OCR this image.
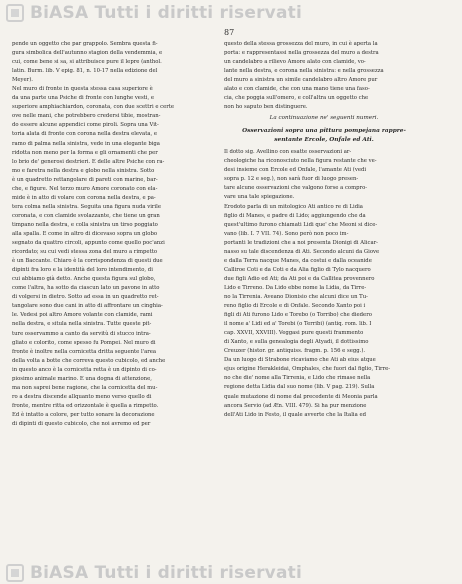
BiASA Tutti i diritti riservati
87
pende un oggetto che par grappolo. Sembra questa fi-
gura simbolica dell'autunno stagion della vendemmia, e
cui, come bene si sa, si attribuisce pure il lepre (anthol.
latin. Burm. lib. V epig. 81, n. 10-17 nella edizione del
Meyer).
Nel muro di fronte in questa stessa casa superiore è
da una parte una Psiche di fronte con lunghe vesti, e
superiore amphiachiardon, coronata, con due scettri e certe
ove nelle mani, che potrebbero credersi tibie, mostran-
do essere alcune appendici come piroli. Sopra una Vit-
toria alata di fronte con corona nella destra elevata, e
ramo di palma nella sinistra, vede in una elegante biga
ridotta non meno per la forma e gli ornamenti che per
lo brio de' generosi destrieri. E delle altre Psiche con ra-
mo e faretra nella destra e globo nella sinistra. Sotto
è un quadretto rettangolare di pareti con marine, bar-
che, e figure. Nel terzo muro Amore coronato con ela-
mide è in atto di volare con corona nella destra, e pa-
tera colma nella sinistra. Seguita una figura nuda virile
coronata, e con clamide svolazzante, che tiene un gran
timpano nella destra, e colla sinistra un tirso poggiato
alla spalla. E come in altro di dicevaso sopra un globo
segnato da quattro circoli, appunto come quello poc'anzi
ricordato; su cui vedi stessa zona del muro a rimpetto
è un Baccante. Chiaro è la corrispondenza di questi due
dipinti fra loro e la identità del loro intendimento, di
cui abbiamo già detto. Anche questa figura sul globo,
come l'altra, ha sotto da ciascun lato un pavone in atto
di volgersi in dietro. Sotto ad essa in un quadretto ret-
tangolare sono due cani in atto di affrontare un cinghia-
le. Vedesi poi altro Amore volante con clamide, rami
nella destra, e situla nella sinistra. Tutte queste pit-
ture osservammo a canto da servitù di stucco intra-
gliato e colorito, come spesso fu Pompei. Nel muro di
fronte è inoltre nella cornicetta dritta seguente l'area
della volta a botte che correva questo cubicolo, ed anche
in questo anco è la cornicetta retta è un dipinto di co-
piosimo animale marino. E una dogna di attenzione,
ma non saprei bene ragione, che la cornicetta del mu-
ro a destra discende allquanto meno verso quello di
fronte, mentre ritta ed orizzontale è quella a rimpetto.
Ed è intatto a colore, per tutto sonare la decorazione
di dipinti di questo cubicolo, che noi avremo ed per
questo della stessa grossezza del muro, in cui è aperta la
porta: e rappresentassi nella grossezza del muro a destra
un candelabro a rilievo Amore alato con clamide, vo-
lante nella destra, e corona nella sinistra: e nella grossezza
del muro a sinistra un simile candelabro altro Amore pur
alato e con clamide, che con una mano tiene una faso-
cia, che poggia sull'omero, e coll'altra un oggetto che
non ho saputo ben distinguere.
La continuazione ne' seguenti numeri.
Osservazioni sopra una pittura pompejana rappre-
sentante Ercole, Onfale ed Ati.
Il dotto sig. Avellino con esatte osservazioni ar-
cheologiche ha riconosciuto nella figura restante che ve-
desi insieme con Ercole ed Onfale, l'amante Ati (vedi
sopra p. 12 e seg.), non sarà fuor di luogo presen-
tare alcune osservazioni che valgono forse a compro-
vare una tale spiegazione.
Erodoto parla di un mitologico Ati antico re di Lidia
figlio di Manes, e padre di Lido; aggiungendo che da
quest'ultimo furono chiamati Lidi que' che Meoni si dice-
vano (lib. I. 7 VII. 74). Sono però non poco im-
portanti le tradizioni che a noi presenta Dionigi di Alicar-
nasso su tale discendenza di Ati. Secondo alcuni da Giove
e dalla Terra nacque Manes, da costui e dalla oceanide
Calliroe Coti e da Coti e da Alia figlio di Tylo nacquero
due figli Adio ed Ati; da Ati poi e da Callitea provennero
Lido e Tirreno. Da Lido ebbe nome la Lidia, da Tirre-
no la Tirrenia. Aveano Dionisio che alcuni dice un Tu-
reno figlio di Ercole e di Onfale. Secondo Xanto poi i
figli di Ati furono Lido e Torebo (o Torribo) che diedero
il nome a' Lidi ed a' Torebi (o Terribi) (antiq. rom. lib. I
cap. XXVII, XXVIII). Veggasi pure questi frammento
di Xanto, e sulla genealogia degli Atyadi, il dottissimo
Creuzer (histor. gr. antiquiss. fragm. p. 156 e segg.).
Da un luogo di Strabone ricaviamo che Ati ab eius atque
ejus origine Herakleidai, Omphales, che fuori dal figlio, Tirre-
no che die' nome alla Tirrenia, e Lido che rimase nella
regione detta Lidia dal suo nome (lib. V pag. 219). Sulla
quale mutazione di nome dal precedente di Meonia parla
ancora Servio (ad Æn. VIII. 479). Si ha pur menzione
dell'Ati Lido in Festo, il quale avverte che la Italia ed
BiASA Tutti i diritti riservati
